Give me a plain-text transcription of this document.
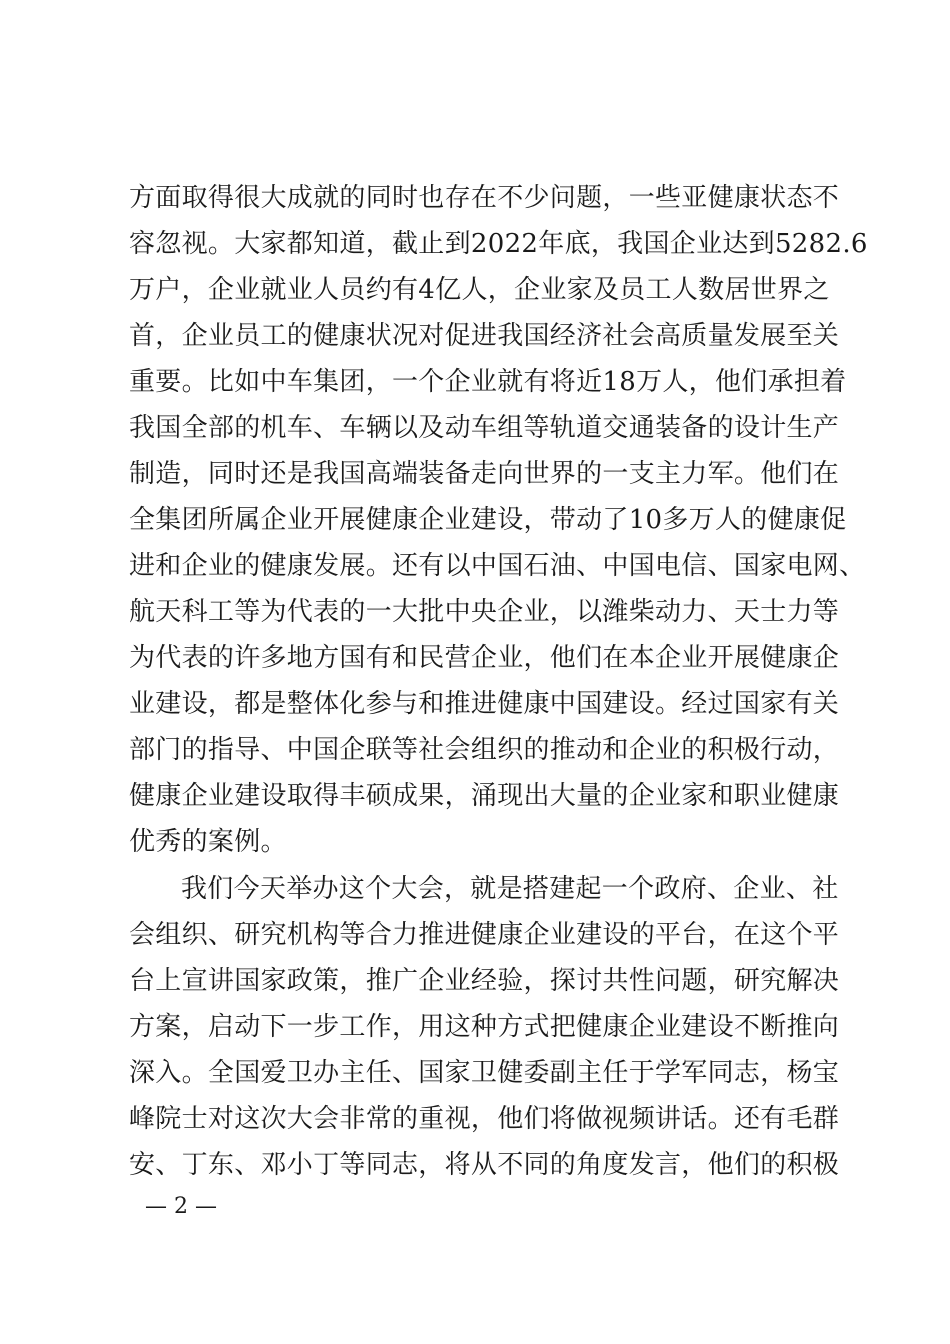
方面取得很大成就的同时也存在不少问题，一些亚健康状态不
容忽视。大家都知道，截止到2022年底，我国企业达到5282.6
万户，企业就业人员约有4亿人，企业家及员工人数居世界之
首，企业员工的健康状况对促进我国经济社会高质量发展至关
重要。比如中车集团，一个企业就有将近18万人，他们承担着
我国全部的机车、车辆以及动车组等轨道交通装备的设计生产
制造，同时还是我国高端装备走向世界的一支主力军。他们在
全集团所属企业开展健康企业建设，带动了10多万人的健康促
进和企业的健康发展。还有以中国石油、中国电信、国家电网、
航天科工等为代表的一大批中央企业，以潍柴动力、天士力等
为代表的许多地方国有和民营企业，他们在本企业开展健康企
业建设，都是整体化参与和推进健康中国建设。经过国家有关
部门的指导、中国企联等社会组织的推动和企业的积极行动，
健康企业建设取得丰硕成果，涌现出大量的企业家和职业健康
优秀的案例。
我们今天举办这个大会，就是搭建起一个政府、企业、社
会组织、研究机构等合力推进健康企业建设的平台，在这个平
台上宣讲国家政策，推广企业经验，探讨共性问题，研究解决
方案，启动下一步工作，用这种方式把健康企业建设不断推向
深入。全国爱卫办主任、国家卫健委副主任于学军同志，杨宝
峰院士对这次大会非常的重视，他们将做视频讲话。还有毛群
安、丁东、邓小丁等同志，将从不同的角度发言，他们的积极
— 2 —
